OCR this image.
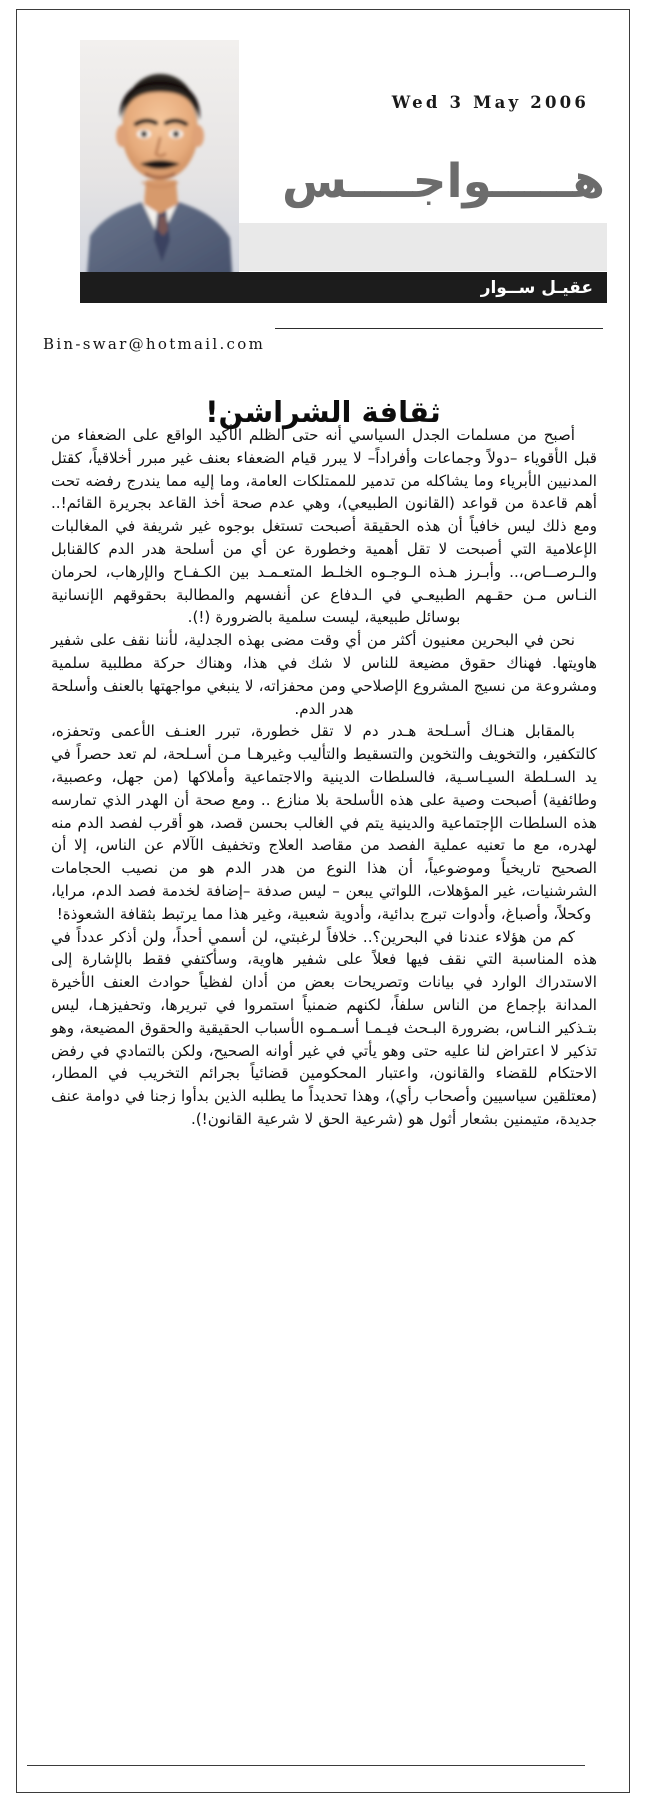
Wed 3 May 2006
هـــــواجــــس
عقيـل ســوار
Bin-swar@hotmail.com
ثقافة الشراشن!

أصبح من مسلمات الجدل السياسي أنه حتى الظلم الأكيد الواقع على الضعفاء من قبل الأقوياء –دولاً وجماعات وأفراداً– لا يبرر قيام الضعفاء بعنف غير مبرر أخلاقياً، كقتل المدنيين الأبرياء وما يشاكله من تدمير للممتلكات العامة، وما إليه مما يندرج رفضه تحت أهم قاعدة من قواعد (القانون الطبيعي)، وهي عدم صحة أخذ القاعد بجريرة القائم!.. ومع ذلك ليس خافياً أن هذه الحقيقة أصبحت تستغل بوجوه غير شريفة في المغالبات الإعلامية التي أصبحت لا تقل أهمية وخطورة عن أي من أسلحة هدر الدم كالقنابل والـرصــاص،.. وأبـرز هـذه الـوجـوه الخلـط المتعـمـد بين الكـفـاح والإرهاب، لحرمان النـاس مـن حقـهم الطبيعـي في الـدفاع عن أنفسهم والمطالبة بحقوقهم الإنسانية بوسائل طبيعية، ليست سلمية بالضرورة (!).

نحن في البحرين معنيون أكثر من أي وقت مضى بهذه الجدلية، لأننا نقف على شفير هاويتها. فهناك حقوق مضيعة للناس لا شك في هذا، وهناك حركة مطلبية سلمية ومشروعة من نسيج المشروع الإصلاحي ومن محفزاته، لا ينبغي مواجهتها بالعنف وأسلحة هدر الدم.

بالمقابل هنـاك أسـلحة هـدر دم لا تقل خطورة، تبرر العنـف الأعمى وتحفزه، كالتكفير، والتخويف والتخوين والتسقيط والتأليب وغيرهـا مـن أسـلحة، لم تعد حصراً في يد السـلطة السيـاسـية، فالسلطات الدينية والاجتماعية وأملاكها (من جهل، وعصبية، وطائفية) أصبحت وصية على هذه الأسلحة بلا منازع .. ومع صحة أن الهدر الذي تمارسه هذه السلطات الإجتماعية والدينية يتم في الغالب بحسن قصد، هو أقرب لفصد الدم منه لهدره، مع ما تعنيه عملية الفصد من مقاصد العلاج وتخفيف الآلام عن الناس، إلا أن الصحيح تاريخياً وموضوعياً، أن هذا النوع من هدر الدم هو من نصيب الحجامات الشرشنيات، غير المؤهلات، اللواتي يبعن – ليس صدفة –إضافة لخدمة فصد الدم، مرايا، وكحلاً، وأصباغ، وأدوات تبرج بدائية، وأدوية شعبية، وغير هذا مما يرتبط بثقافة الشعوذة!

كم من هؤلاء عندنا في البحرين؟.. خلافاً لرغبتي، لن أسمي أحداً، ولن أذكر عدداً في هذه المناسبة التي نقف فيها فعلاً على شفير هاوية، وسأكتفي فقط بالإشارة إلى الاستدراك الوارد في بيانات وتصريحات بعض من أدان لفظياً حوادث العنف الأخيرة المدانة بإجماع من الناس سلفاً، لكنهم ضمنياً استمروا في تبريرها، وتحفيزهـا، ليس بتـذكير النـاس، بضرورة البـحث فيـمـا أسـمـوه الأسباب الحقيقية والحقوق المضيعة، وهو تذكير لا اعتراض لنا عليه حتى وهو يأتي في غير أوانه الصحيح، ولكن بالتمادي في رفض الاحتكام للقضاء والقانون، واعتبار المحكومين قضائياً بجرائم التخريب في المطار، (معتلقين سياسيين وأصحاب رأي)، وهذا تحديداً ما يطلبه الذين بدأوا زجنا في دوامة عنف جديدة، متيمنين بشعار أثول هو (شرعية الحق لا شرعية القانون!).
